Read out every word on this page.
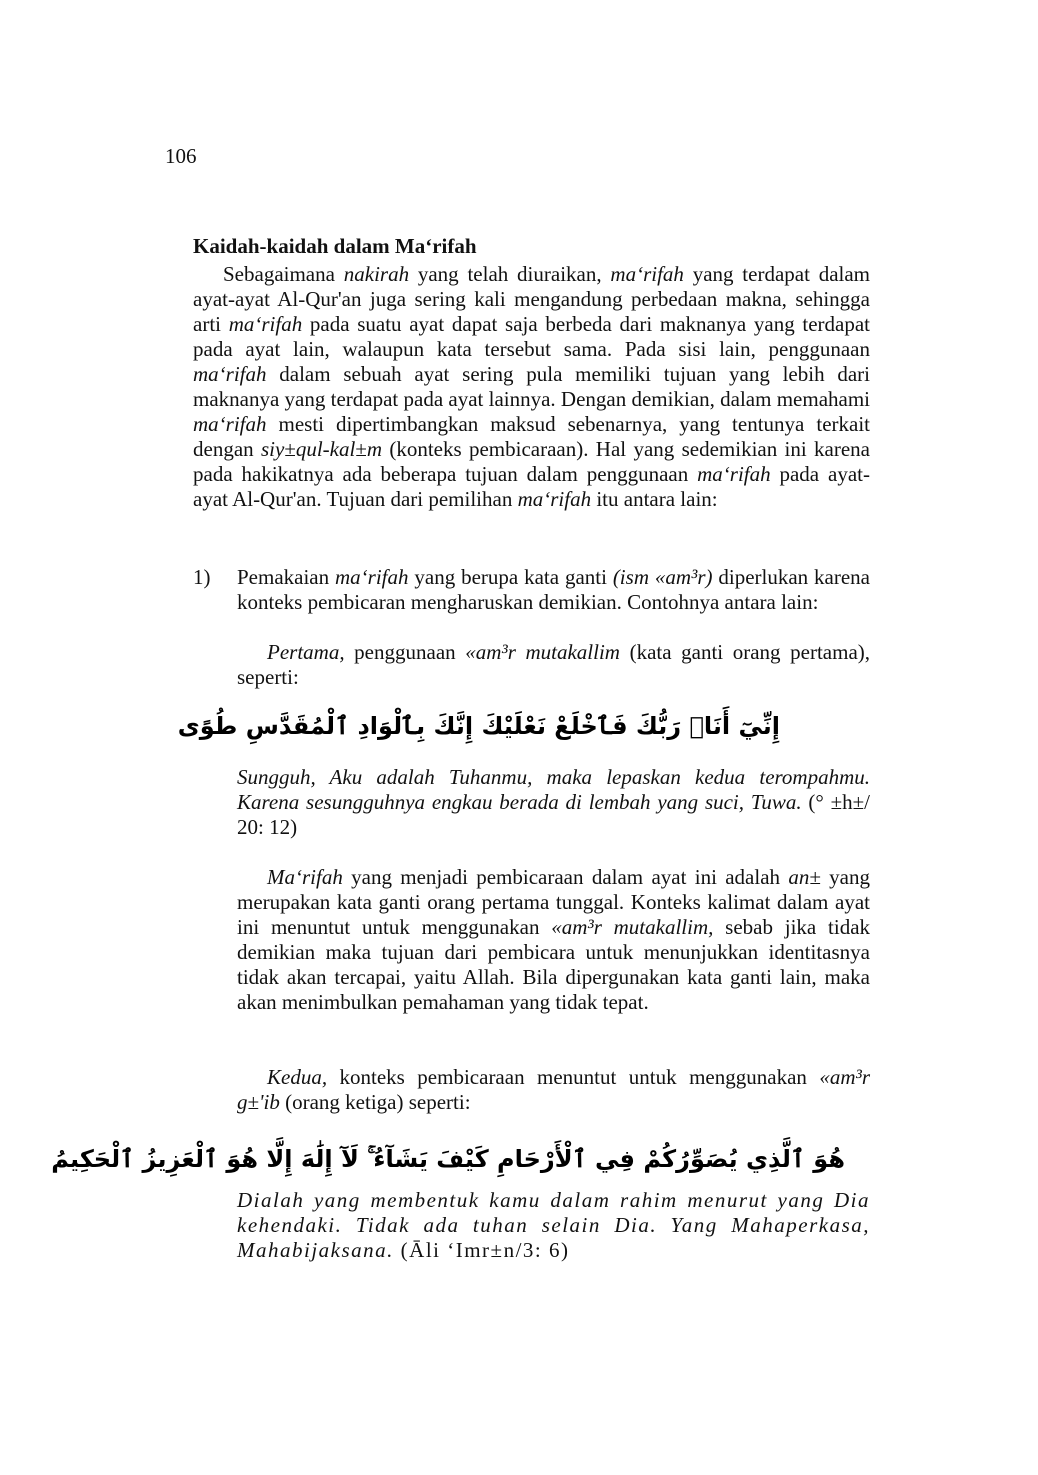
106
Kaidah-kaidah dalam Ma‘rifah

Sebagaimana nakirah yang telah diuraikan, ma‘rifah yang terdapat dalam ayat-ayat Al-Qur'an juga sering kali mengandung perbedaan makna, sehingga arti ma‘rifah pada suatu ayat dapat saja berbeda dari maknanya yang terdapat pada ayat lain, walaupun kata tersebut sama. Pada sisi lain, penggunaan ma‘rifah dalam sebuah ayat sering pula memiliki tujuan yang lebih dari maknanya yang terdapat pada ayat lainnya. Dengan demikian, dalam memahami ma‘rifah mesti dipertimbangkan maksud sebenarnya, yang tentunya terkait dengan siy±qul-kal±m (konteks pembicaraan). Hal yang sedemikian ini karena pada hakikatnya ada beberapa tujuan dalam penggunaan ma‘rifah pada ayat-ayat Al-Qur'an. Tujuan dari pemilihan ma‘rifah itu antara lain:

1) Pemakaian ma‘rifah yang berupa kata ganti (ism «am³r) diperlukan karena konteks pembicaran mengharuskan demikian. Contohnya antara lain:

Pertama, penggunaan «am³r mutakallim (kata ganti orang pertama), seperti:

إِنِّيٓ أَنَا۠ رَبُّكَ فَٱخْلَعْ نَعْلَيْكَ إِنَّكَ بِٱلْوَادِ ٱلْمُقَدَّسِ طُوًى

Sungguh, Aku adalah Tuhanmu, maka lepaskan kedua terompahmu. Karena sesungguhnya engkau berada di lembah yang suci, Tuwa. (° ±h±/ 20: 12)

Ma‘rifah yang menjadi pembicaraan dalam ayat ini adalah an± yang merupakan kata ganti orang pertama tunggal. Konteks kalimat dalam ayat ini menuntut untuk menggunakan «am³r mutakallim, sebab jika tidak demikian maka tujuan dari pembicara untuk menunjukkan identitasnya tidak akan tercapai, yaitu Allah. Bila dipergunakan kata ganti lain, maka akan menimbulkan pemahaman yang tidak tepat.

Kedua, konteks pembicaraan menuntut untuk menggunakan «am³r g±'ib (orang ketiga) seperti:

هُوَ ٱلَّذِي يُصَوِّرُكُمْ فِي ٱلْأَرْحَامِ كَيْفَ يَشَآءُ ۚ لَآ إِلَٰهَ إِلَّا هُوَ ٱلْعَزِيزُ ٱلْحَكِيمُ

Dialah yang membentuk kamu dalam rahim menurut yang Dia kehendaki. Tidak ada tuhan selain Dia. Yang Mahaperkasa, Mahabijaksana. (Āli ‘Imr±n/3: 6)
